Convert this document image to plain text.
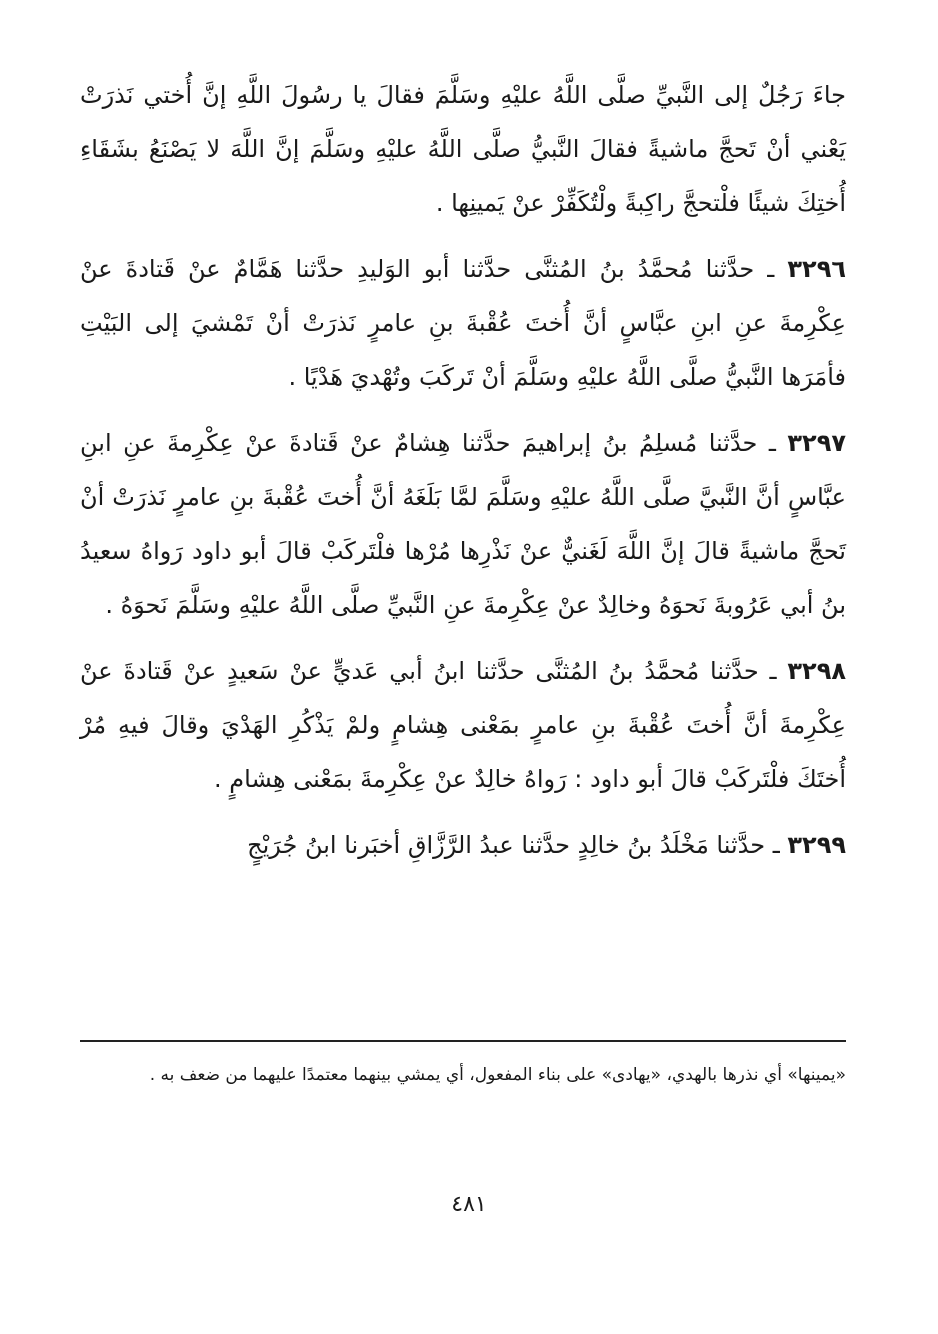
جاءَ رَجُلٌ إلى النَّبيِّ صلَّى اللَّهُ عليْهِ وسَلَّمَ فقالَ يا رسُولَ اللَّهِ إنَّ أُختي نَذرَتْ يَعْني أنْ تَحجَّ ماشيةً فقالَ النَّبيُّ صلَّى اللَّهُ عليْهِ وسَلَّمَ إنَّ اللَّهَ لا يَصْنَعُ بشَقَاءِ أُختِكَ شيئًا فلْتحجَّ راكِبةً ولْتُكَفِّرْ عنْ يَمينِها .

٣٢٩٦ ـ حدَّثنا مُحمَّدُ بنُ المُثنَّى حدَّثنا أبو الوَليدِ حدَّثنا هَمَّامٌ عنْ قَتادةَ عنْ عِكْرِمةَ عنِ ابنِ عبَّاسٍ أنَّ أُختَ عُقْبةَ بنِ عامرٍ نَذرَتْ أنْ تَمْشيَ إلى البَيْتِ فأمَرَها النَّبيُّ صلَّى اللَّهُ عليْهِ وسَلَّمَ أنْ تَركَبَ وتُهْديَ هَدْيًا .

٣٢٩٧ ـ حدَّثنا مُسلِمُ بنُ إبراهيمَ حدَّثنا هِشامٌ عنْ قَتادةَ عنْ عِكْرِمةَ عنِ ابنِ عبَّاسٍ أنَّ النَّبيَّ صلَّى اللَّهُ عليْهِ وسَلَّمَ لمَّا بَلَغَهُ أنَّ أُختَ عُقْبةَ بنِ عامرٍ نَذرَتْ أنْ تَحجَّ ماشيةً قالَ إنَّ اللَّهَ لَغَنيٌّ عنْ نَذْرِها مُرْها فلْتَركَبْ قالَ أبو داود رَواهُ سعيدُ بنُ أبي عَرُوبةَ نَحوَهُ وخالِدٌ عنْ عِكْرِمةَ عنِ النَّبيِّ صلَّى اللَّهُ عليْهِ وسَلَّمَ نَحوَهُ .

٣٢٩٨ ـ حدَّثنا مُحمَّدُ بنُ المُثنَّى حدَّثنا ابنُ أبي عَديٍّ عنْ سَعيدٍ عنْ قَتادةَ عنْ عِكْرِمةَ أنَّ أُختَ عُقْبةَ بنِ عامرٍ بمَعْنى هِشامٍ ولمْ يَذْكُرِ الهَدْيَ وقالَ فيهِ مُرْ أُختَكَ فلْتَركَبْ قالَ أبو داود : رَواهُ خالِدٌ عنْ عِكْرِمةَ بمَعْنى هِشامٍ .

٣٢٩٩ ـ حدَّثنا مَخْلَدُ بنُ خالِدٍ حدَّثنا عبدُ الرَّزَّاقِ أخبَرنا ابنُ جُرَيْجٍ

«يمينها» أي نذرها بالهدي، «يهادى» على بناء المفعول، أي يمشي بينهما معتمدًا عليهما من ضعف به .
٤٨١
